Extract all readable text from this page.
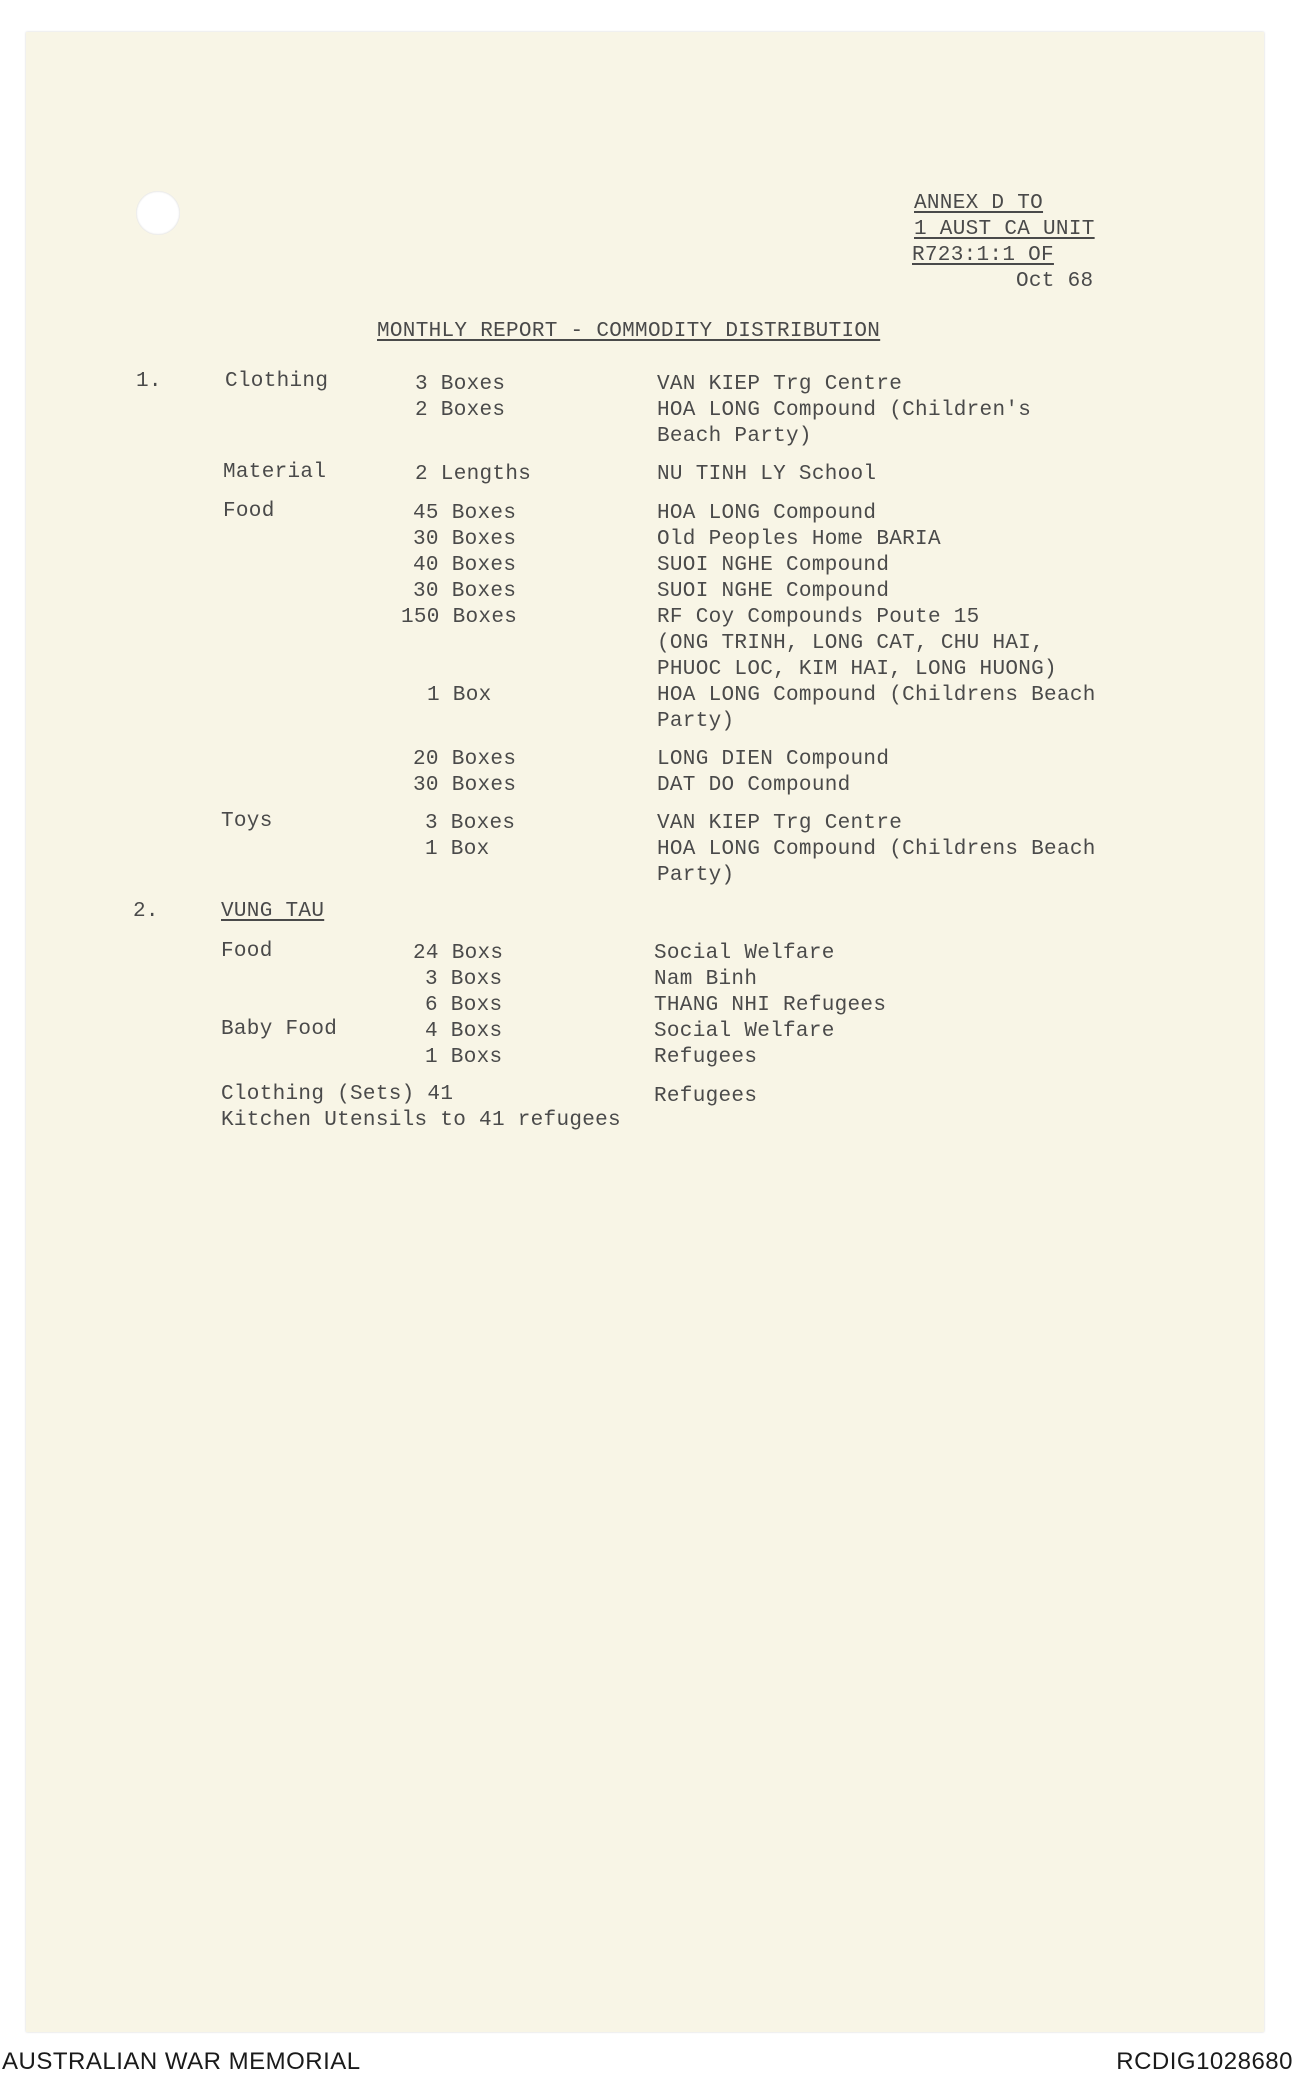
ANNEX D TO
1 AUST CA UNIT
R723:1:1 OF
Oct 68
MONTHLY REPORT - COMMODITY DISTRIBUTION
1.	Clothing	3 Boxes	VAN KIEP Trg Centre
2 Boxes	HOA LONG Compound (Children's
Beach Party)
Material	2 Lengths	NU TINH LY School
Food	45 Boxes	HOA LONG Compound
30 Boxes	Old Peoples Home BARIA
40 Boxes	SUOI NGHE Compound
30 Boxes	SUOI NGHE Compound
150 Boxes	RF Coy Compounds Poute 15
(ONG TRINH, LONG CAT, CHU HAI,
PHUOC LOC, KIM HAI, LONG HUONG)
1 Box	HOA LONG Compound (Childrens Beach
Party)
20 Boxes	LONG DIEN Compound
30 Boxes	DAT DO Compound
Toys	3 Boxes	VAN KIEP Trg Centre
1 Box	HOA LONG Compound (Childrens Beach
Party)
2.	VUNG TAU
Food	24 Boxs	Social Welfare
3 Boxs	Nam Binh
6 Boxs	THANG NHI Refugees
Baby Food	4 Boxs	Social Welfare
1 Boxs	Refugees
Clothing (Sets) 41	Refugees
Kitchen Utensils to 41 refugees
AUSTRALIAN WAR MEMORIAL	RCDIG1028680
